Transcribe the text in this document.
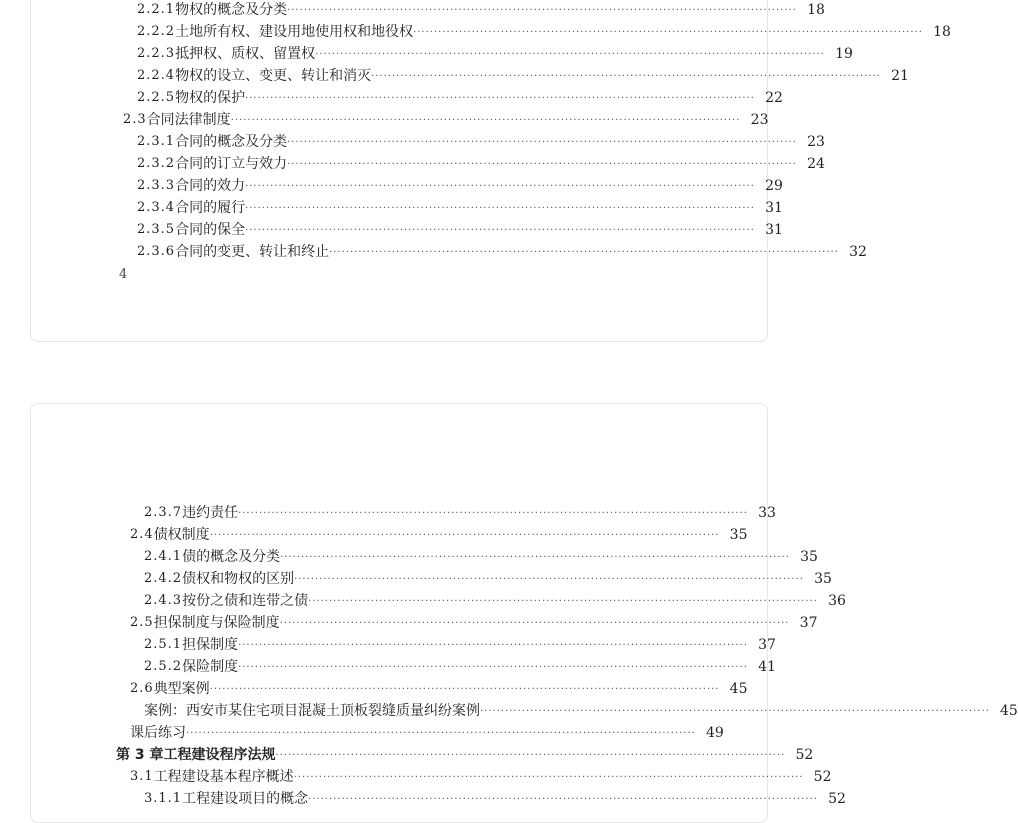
2.2.1 物权的概念及分类 ·························································································································· 18
2.2.2 土地所有权、建设用地使用权和地役权 ·························································································································· 18
2.2.3 抵押权、质权、留置权 ·························································································································· 19
2.2.4 物权的设立、变更、转让和消灭 ·························································································································· 21
2.2.5 物权的保护 ·························································································································· 22
2.3 合同法律制度 ·························································································································· 23
2.3.1 合同的概念及分类 ·························································································································· 23
2.3.2 合同的订立与效力 ·························································································································· 24
2.3.3 合同的效力 ·························································································································· 29
2.3.4 合同的履行 ·························································································································· 31
2.3.5 合同的保全 ·························································································································· 31
2.3.6 合同的变更、转让和终止 ·························································································································· 32
4
2.3.7 违约责任 ·························································································································· 33
2.4 债权制度 ·························································································································· 35
2.4.1 债的概念及分类 ·························································································································· 35
2.4.2 债权和物权的区别 ·························································································································· 35
2.4.3 按份之债和连带之债 ·························································································································· 36
2.5 担保制度与保险制度 ·························································································································· 37
2.5.1 担保制度 ·························································································································· 37
2.5.2 保险制度 ·························································································································· 41
2.6 典型案例 ·························································································································· 45
案例：西安市某住宅项目混凝土顶板裂缝质量纠纷案例 ·························································································································· 45
课后练习 ·························································································································· 49
第 3 章 工程建设程序法规 ·························································································································· 52
3.1 工程建设基本程序概述 ·························································································································· 52
3.1.1 工程建设项目的概念 ·························································································································· 52
